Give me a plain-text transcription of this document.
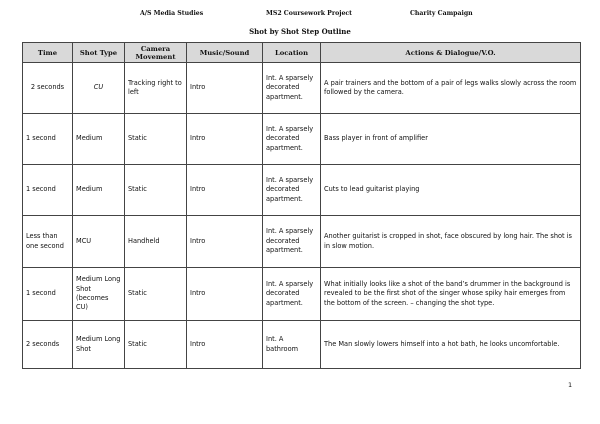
A/S Media Studies	MS2 Coursework Project	Charity Campaign
Shot by Shot Step Outline
Time	Shot Type	Camera Movement	Music/Sound	Location	Actions & Dialogue/V.O.
2 seconds	CU	Tracking right to left	Intro	Int. A sparsely decorated apartment.	A pair trainers and the bottom of a pair of legs walks slowly across the room followed by the camera.
1 second	Medium	Static	Intro	Int. A sparsely decorated apartment.	Bass player in front of amplifier
1 second	Medium	Static	Intro	Int. A sparsely decorated apartment.	Cuts to lead guitarist playing
Less than one second	MCU	Handheld	Intro	Int. A sparsely decorated apartment.	Another guitarist is cropped in shot, face obscured by long hair. The shot is in slow motion.
1 second	Medium Long Shot (becomes CU)	Static	Intro	Int. A sparsely decorated apartment.	What initially looks like a shot of the band’s drummer in the background is revealed to be the first shot of the singer whose spiky hair emerges from the bottom of the screen. – changing the shot type.
2 seconds	Medium Long Shot	Static	Intro	Int. A bathroom	The Man slowly lowers himself into a hot bath, he looks uncomfortable.
1
